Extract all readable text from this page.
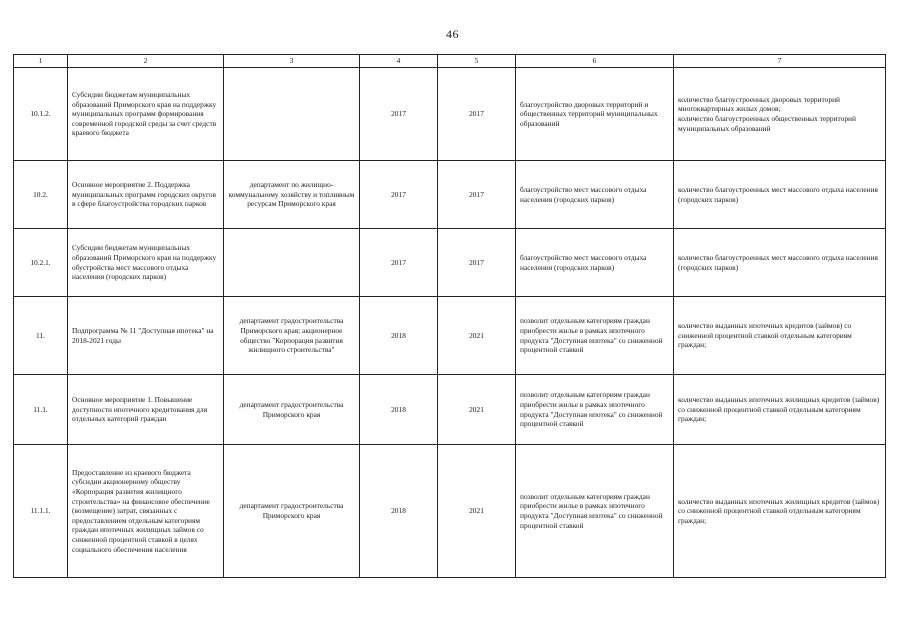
46
1	2	3	4	5	6	7
10.1.2.	Субсидии бюджетам муниципальных образований Приморского края на поддержку муниципальных программ формирования современной городской среды за счет средств краевого бюджета		2017	2017	благоустройство дворовых территорий и общественных территорий муниципальных образований	количество благоустроенных дворовых территорий многоквартирных жилых домов;
количество благоустроенных общественных территорий муниципальных образований
10.2.	Основное мероприятие 2. Поддержка муниципальных программ городских округов в сфере благоустройства городских парков	департамент по жилищно-коммунальному хозяйству и топливным ресурсам Приморского края	2017	2017	благоустройство мест массового отдыха населения (городских парков)	количество благоустроенных мест массового отдыха населения (городских парков)
10.2.1.	Субсидии бюджетам муниципальных образований Приморского края на поддержку обустройства мест массового отдыха населения (городских парков)		2017	2017	благоустройство мест массового отдыха населения (городских парков)	количество благоустроенных мест массового отдыха населения (городских парков)
11.	Подпрограмма № 11 "Доступная ипотека" на 2018-2021 годы	департамент градостроительства Приморского края; акционерное общество "Корпорация развития жилищного строительства"	2018	2021	позволит отдельным категориям граждан приобрести жилье в рамках ипотечного продукта "Доступная ипотека" со сниженной процентной ставкой	количество выданных ипотечных кредитов (займов) со сниженной процентной ставкой отдельным категориям граждан;
11.1.	Основное мероприятие 1. Повышение доступности ипотечного кредитования для отдельных категорий граждан	департамент градостроительства Приморского края	2018	2021	позволит отдельным категориям граждан приобрести жилье в рамках ипотечного продукта "Доступная ипотека" со сниженной процентной ставкой	количество выданных ипотечных жилищных кредитов (займов) со сниженной процентной ставкой отдельным категориям граждан;
11.1.1.	Предоставление из краевого бюджета субсидии акционерному обществу «Корпорация развития жилищного строительства» на финансовое обеспечение (возмещение) затрат, связанных с предоставлением отдельным категориям граждан ипотечных жилищных займов со сниженной процентной ставкой в целях социального обеспечения населения	департамент градостроительства Приморского края	2018	2021	позволит отдельным категориям граждан приобрести жилье в рамках ипотечного продукта "Доступная ипотека" со сниженной процентной ставкой	количество выданных ипотечных жилищных кредитов (займов) со сниженной процентной ставкой отдельным категориям граждан;
